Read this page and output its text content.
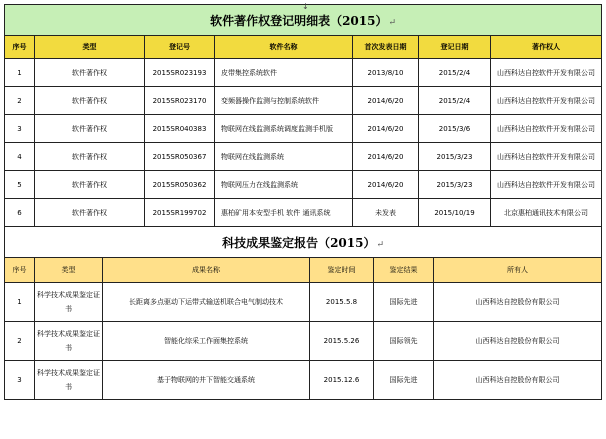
↓
软件著作权登记明细表（2015）↵						
序号	类型	登记号	软件名称	首次发表日期	登记日期	著作权人
1	软件著作权	2015SR023193	皮带集控系统软件	2013/8/10	2015/2/4	山西科达自控软件开发有限公司
2	软件著作权	2015SR023170	变频器操作监测与控制系统软件	2014/6/20	2015/2/4	山西科达自控软件开发有限公司
3	软件著作权	2015SR040383	物联网在线监测系统调度监测手机版	2014/6/20	2015/3/6	山西科达自控软件开发有限公司
4	软件著作权	2015SR050367	物联网在线监测系统	2014/6/20	2015/3/23	山西科达自控软件开发有限公司
5	软件著作权	2015SR050362	物联网压力在线监测系统	2014/6/20	2015/3/23	山西科达自控软件开发有限公司
6	软件著作权	2015SR199702	惠柏矿用本安型手机 软件 通讯系统	未发表	2015/10/19	北京惠柏通讯技术有限公司
科技成果鉴定报告（2015）↵					
序号	类型	成果名称	鉴定时间	鉴定结果	所有人
1	科学技术成果鉴定证书	长距离多点驱动下运带式输送机联合电气制动技术	2015.5.8	国际先进	山西科达自控股份有限公司
2	科学技术成果鉴定证书	智能化综采工作面集控系统	2015.5.26	国际领先	山西科达自控股份有限公司
3	科学技术成果鉴定证书	基于物联网的井下智能交通系统	2015.12.6	国际先进	山西科达自控股份有限公司
